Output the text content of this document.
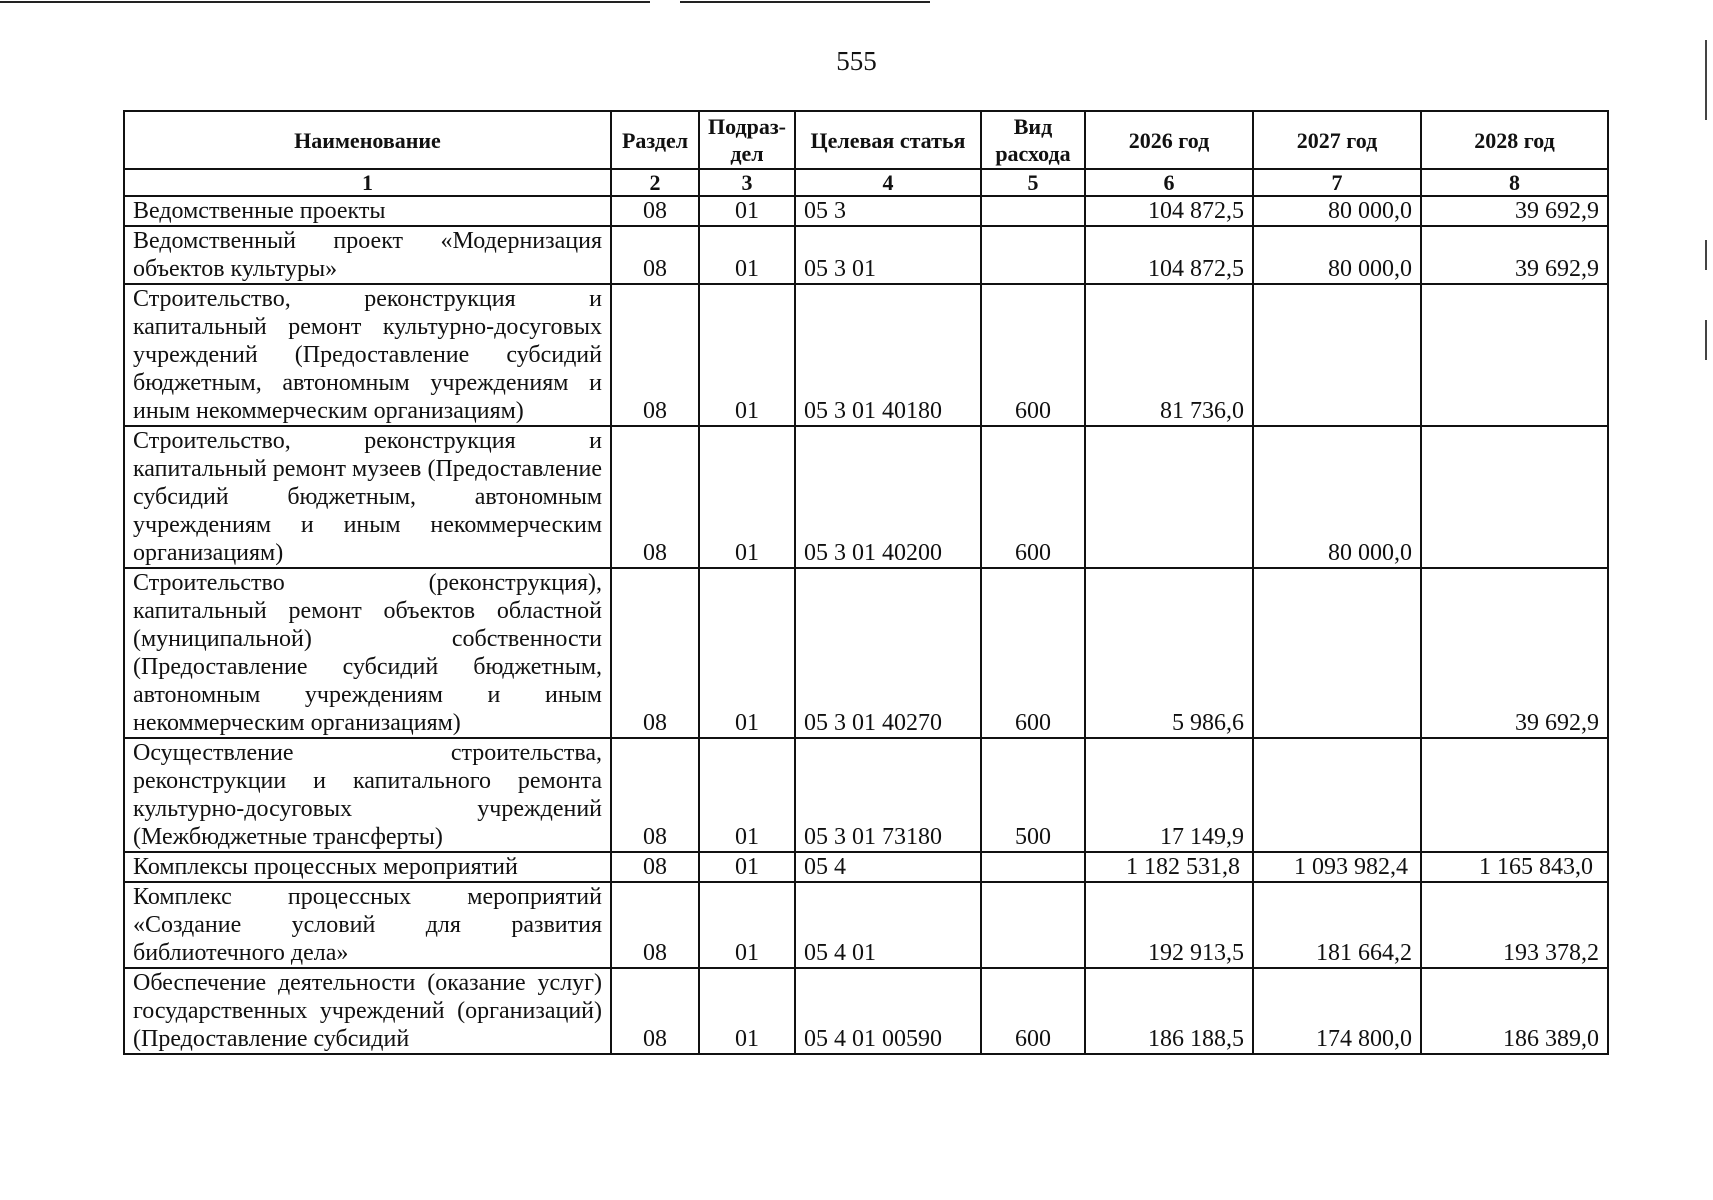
555
Наименование	Раздел	Подраз-дел	Целевая статья	Вид расхода	2026 год	2027 год	2028 год
1	2	3	4	5	6	7	8
Ведомственные проекты	08	01	05 3		104 872,5	80 000,0	39 692,9
Ведомственный проект «Модернизация объектов культуры»	08	01	05 3 01		104 872,5	80 000,0	39 692,9
Строительство, реконструкция и капитальный ремонт культурно-досуговых учреждений (Предоставление субсидий бюджетным, автономным учреждениям и иным некоммерческим организациям)	08	01	05 3 01 40180	600	81 736,0		
Строительство, реконструкция и капитальный ремонт музеев (Предоставление субсидий бюджетным, автономным учреждениям и иным некоммерческим организациям)	08	01	05 3 01 40200	600		80 000,0	
Строительство (реконструкция), капитальный ремонт объектов областной (муниципальной) собственности (Предоставление субсидий бюджетным, автономным учреждениям и иным некоммерческим организациям)	08	01	05 3 01 40270	600	5 986,6		39 692,9
Осуществление строительства, реконструкции и капитального ремонта культурно-досуговых учреждений (Межбюджетные трансферты)	08	01	05 3 01 73180	500	17 149,9		
Комплексы процессных мероприятий	08	01	05 4		1 182 531,8	1 093 982,4	1 165 843,0
Комплекс процессных мероприятий «Создание условий для развития библиотечного дела»	08	01	05 4 01		192 913,5	181 664,2	193 378,2
Обеспечение деятельности (оказание услуг) государственных учреждений (организаций) (Предоставление субсидий	08	01	05 4 01 00590	600	186 188,5	174 800,0	186 389,0
